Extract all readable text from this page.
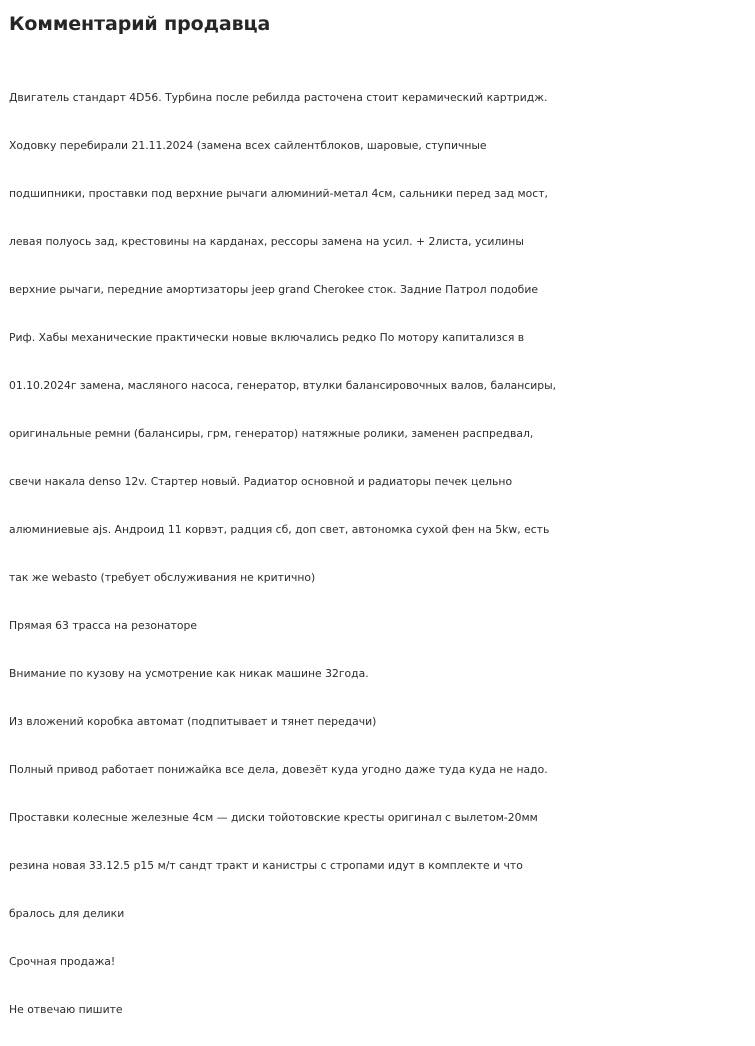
Комментарий продавца

Двигатель стандарт 4D56. Турбина после ребилда расточена стоит керамический картридж.

Ходовку перебирали 21.11.2024 (замена всех сайлентблоков, шаровые, ступичные

подшипники, проставки под верхние рычаги алюминий-метал 4см, сальники перед зад мост,

левая полуось зад, крестовины на карданах, рессоры замена на усил. + 2листа, усилины

верхние рычаги, передние амортизаторы jeep grand Cherokee сток. Задние Патрол подобие

Риф. Хабы механические практически новые включались редко По мотору капитализся в

01.10.2024г замена, масляного насоса, генератор, втулки балансировочных валов, балансиры,

оригинальные ремни (балансиры, грм, генератор) натяжные ролики, заменен распредвал,

свечи накала denso 12v. Стартер новый. Радиатор основной и радиаторы печек цельно

алюминиевые ajs. Андроид 11 корвэт, радция сб, доп свет, автономка сухой фен на 5kw, есть

так же webasto (требует обслуживания не критично)

Прямая 63 трасса на резонаторе

Внимание по кузову на усмотрение как никак машине 32года.

Из вложений коробка автомат (подпитывает и тянет передачи)

Полный привод работает понижайка все дела, довезёт куда угодно даже туда куда не надо.

Проставки колесные железные 4см — диски тойотовские кресты оригинал с вылетом-20мм

резина новая 33.12.5 р15 м/т сандт тракт и канистры с стропами идут в комплекте и что

бралось для делики

Срочная продажа!

Не отвечаю пишите
